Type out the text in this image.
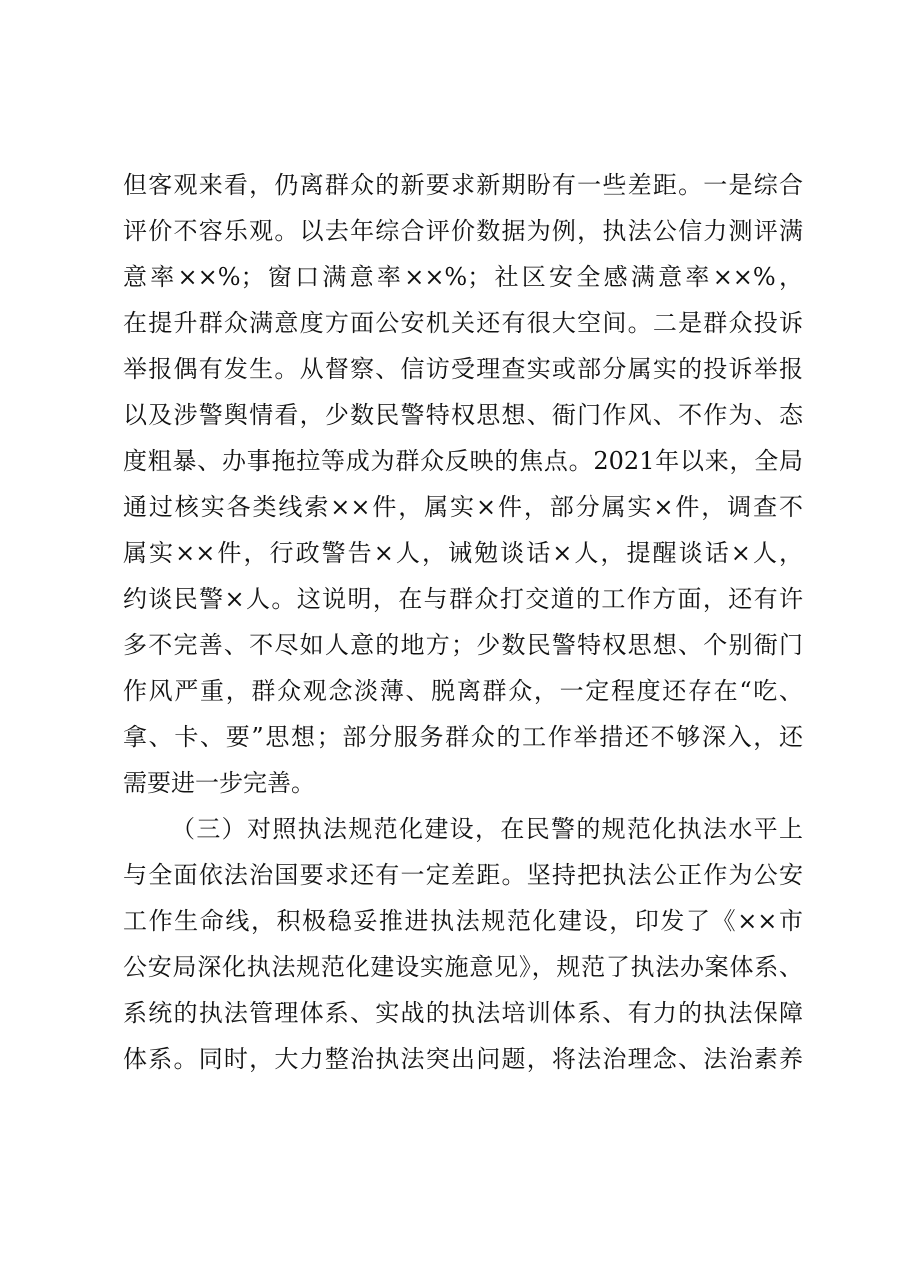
但客观来看，仍离群众的新要求新期盼有一些差距。一是综合
评价不容乐观。以去年综合评价数据为例，执法公信力测评满
意率××%；窗口满意率××%；社区安全感满意率××%，
在提升群众满意度方面公安机关还有很大空间。二是群众投诉
举报偶有发生。从督察、信访受理查实或部分属实的投诉举报
以及涉警舆情看，少数民警特权思想、衙门作风、不作为、态
度粗暴、办事拖拉等成为群众反映的焦点。2021年以来，全局
通过核实各类线索××件，属实×件，部分属实×件，调查不
属实××件，行政警告×人，诫勉谈话×人，提醒谈话×人，
约谈民警×人。这说明，在与群众打交道的工作方面，还有许
多不完善、不尽如人意的地方；少数民警特权思想、个别衙门
作风严重，群众观念淡薄、脱离群众，一定程度还存在“吃、
拿、卡、要”思想；部分服务群众的工作举措还不够深入，还
需要进一步完善。
（三）对照执法规范化建设，在民警的规范化执法水平上
与全面依法治国要求还有一定差距。坚持把执法公正作为公安
工作生命线，积极稳妥推进执法规范化建设，印发了《××市
公安局深化执法规范化建设实施意见》，规范了执法办案体系、
系统的执法管理体系、实战的执法培训体系、有力的执法保障
体系。同时，大力整治执法突出问题，将法治理念、法治素养
